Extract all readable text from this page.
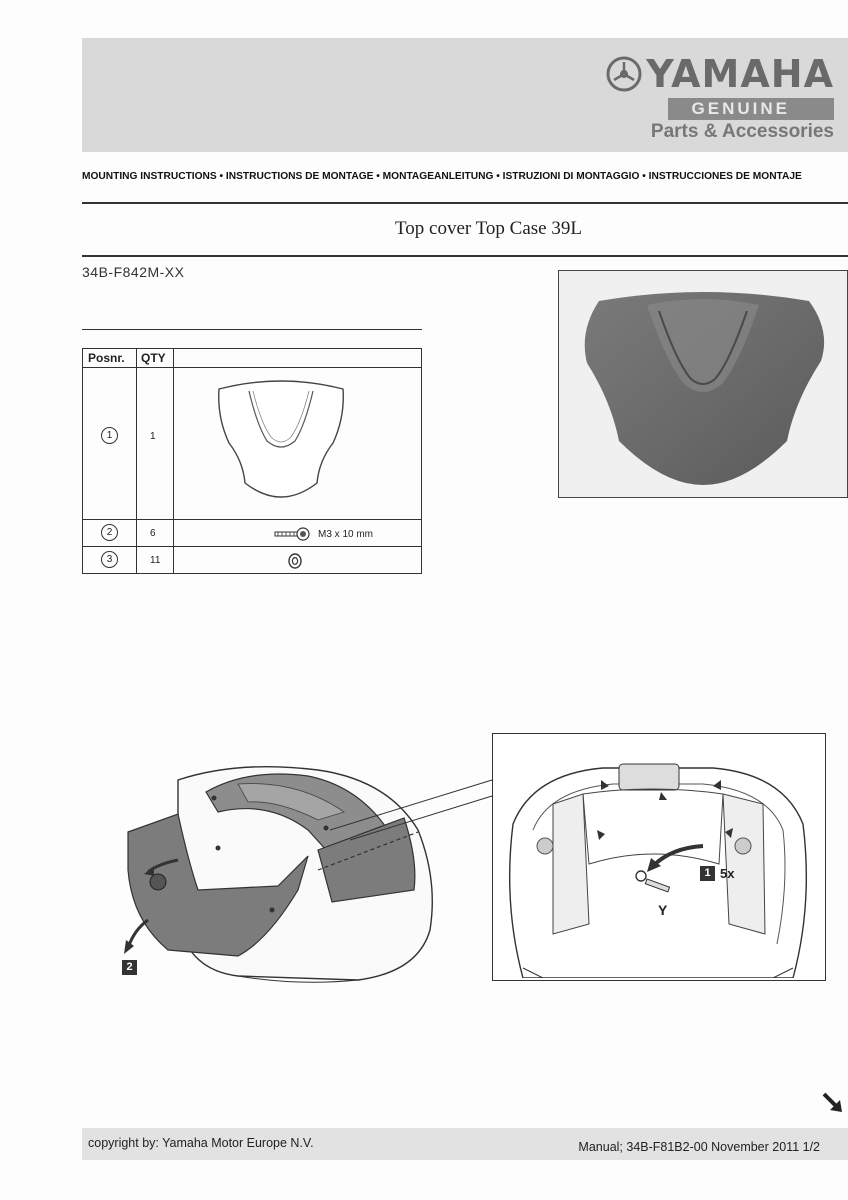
YAMAHA
GENUINE
Parts & Accessories
MOUNTING INSTRUCTIONS • INSTRUCTIONS DE MONTAGE • MONTAGEANLEITUNG • ISTRUZIONI DI MONTAGGIO • INSTRUCCIONES DE MONTAJE
Top cover Top Case 39L
34B-F842M-XX
Posnr. QTY
1	1
2	6	M3 x 10 mm
3	11
1 5x
Y
2
copyright by: Yamaha Motor Europe N.V.	Manual; 34B-F81B2-00 November 2011 1/2
